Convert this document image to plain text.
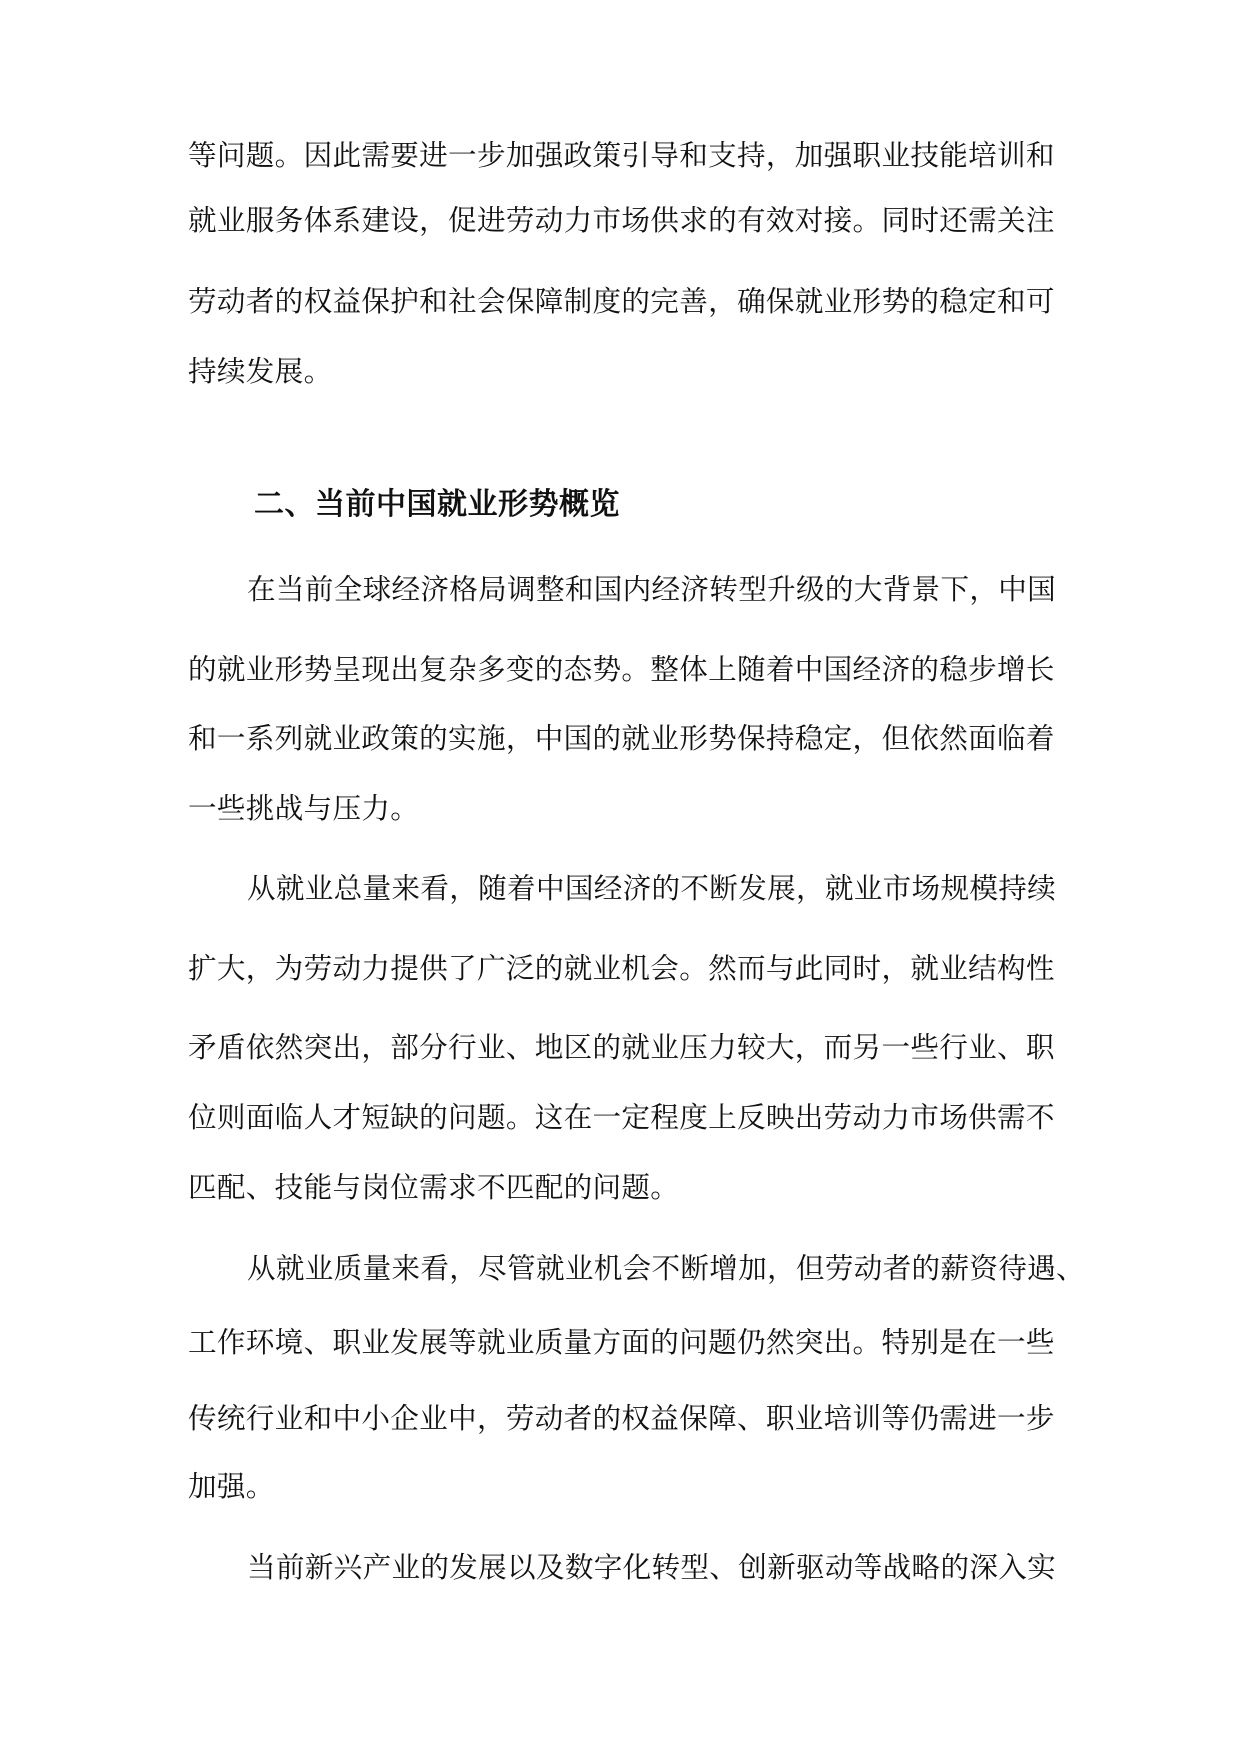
等问题。因此需要进一步加强政策引导和支持，加强职业技能培训和

就业服务体系建设，促进劳动力市场供求的有效对接。同时还需关注

劳动者的权益保护和社会保障制度的完善，确保就业形势的稳定和可

持续发展。

二、当前中国就业形势概览

在当前全球经济格局调整和国内经济转型升级的大背景下，中国

的就业形势呈现出复杂多变的态势。整体上随着中国经济的稳步增长

和一系列就业政策的实施，中国的就业形势保持稳定，但依然面临着

一些挑战与压力。

从就业总量来看，随着中国经济的不断发展，就业市场规模持续

扩大，为劳动力提供了广泛的就业机会。然而与此同时，就业结构性

矛盾依然突出，部分行业、地区的就业压力较大，而另一些行业、职

位则面临人才短缺的问题。这在一定程度上反映出劳动力市场供需不

匹配、技能与岗位需求不匹配的问题。

从就业质量来看，尽管就业机会不断增加，但劳动者的薪资待遇、

工作环境、职业发展等就业质量方面的问题仍然突出。特别是在一些

传统行业和中小企业中，劳动者的权益保障、职业培训等仍需进一步

加强。

当前新兴产业的发展以及数字化转型、创新驱动等战略的深入实
